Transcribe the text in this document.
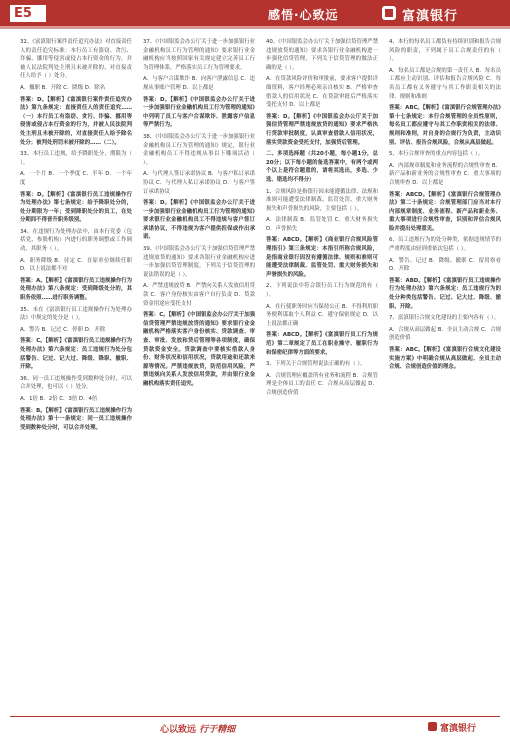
E5	感悟·心致远	富滇银行

32、《富滇银行案件责任追究办法》对直接责任人的责任追究标准：本行员工有盗窃、贪污、诈骗、挪用等侵害或侵占本行资金的行为，并被人民法院判处主刑且未被开除的，对直接责任人给予（ ）处分。

A．撤职 B．开除 C．降级 D．除名

答案：D。【解析】《富滇银行案件责任追究办法》第九条规定：直接责任人的责任追究……（一）本行员工有盗窃、贪污、诈骗、挪用等侵害或侵占本行资金的行为，并被人民法院判处主刑且未被开除的，对直接责任人给予除名处分；被判处刑罚未被开除的……（二）。

33、本行员工违规，给予降职处分，期限为（ ）。

A．一个月 B．一个季度 C．半年 D．一个年度

答案：D。【解析】《富滇银行员工违规操作行为处理办法》第七条规定：给予降职处分的，处分期限为一年；受到降职处分的员工，在处分期间不得晋升职务级别。

34、在违规行为处理办法中，由本行党委（包括党、参股机构）内进行的职务调整或工作调动，其职务（ ）。

A．职务降级 B．待定 C．在原单位继续任职 D．以上说法都不对

答案：A。【解析】《富滇银行员工违规操作行为处理办法》第八条规定：受到降级处分的，其职务依照……进行职务调整。

35、未在《富滇银行员工违规操作行为处理办法》中规定的处分是（ ）。

A．警告 B．记过 C．停职 D．开除

答案：C。【解析】《富滇银行员工违规操作行为处理办法》第六条规定：员工违规行为处分包括警告、记过、记大过、降级、降职、撤职、开除。

36、同一员工违规操作受到数种处分时，可以合并处理，也可以（ ）处分。

A．1倍 B．2倍 C．3倍 D．4倍

答案：B。【解析】《富滇银行员工违规操作行为处理办法》第十一条规定：同一员工违规操作受到数种处分时，可以合并处理。

37、《中国银监会办公厅关于进一步加强银行业金融机构员工行为管理的通知》要求银行业金融机构应当按照国家有关规定建立完善员工行为管理体系，严格落实员工行为管理要求。

A．与客户合谋欺诈 B．向客户泄露信息 C．违规从事账户管理 D．以上都是

答案：D。【解析】《中国银监会办公厅关于进一步加强银行业金融机构员工行为管理的通知》中列明了员工与客户合谋欺诈、泄露客户信息等严禁行为。

38、《中国银监会办公厅关于进一步加强银行业金融机构员工行为管理的通知》规定，银行业金融机构员工不得违规从事以下哪项活动（ ）。

A．与代理人签订承诺协议 B．与客户私订承诺协议 C．与代理人私订承诺协议 D．与客户签订承诺协议

答案：D。【解析】《中国银监会办公厅关于进一步加强银行业金融机构员工行为管理的通知》要求银行业金融机构员工不得违规与客户签订承诺协议，不得违规为客户提供担保或作出承诺。

39、《中国银监会办公厅关于加强信贷管理严禁违规放贷的通知》要求各银行业金融机构应进一步加强信贷管理制度，下列关于信贷管理的说法错误的是（ ）。

A．严禁违规放贷 B．严禁向关系人发放信用贷款 C．客户身份核实由客户自行负责 D．贷款资金用途应受托支付

答案：C。【解析】《中国银监会办公厅关于加强信贷管理严禁违规放贷的通知》要求银行业金融机构严格落实客户身份核实、贷款调查、审查、审批、发放和贷后管理等各项制度，确保贷款资金安全。贷款调查中要核实借款人身份、财务状况和信用状况，贷款用途和还款来源等情况。严禁违规放贷，防范信用风险，严禁违规向关系人发放信用贷款，并由银行业金融机构落实责任追究。

40、《中国银监会办公厅关于加强信贷管理严禁违规放贷的通知》要求各银行业金融机构进一步强化信贷管理，下列关于信贷管理的做法正确的是（ ）。

A．在贷款风险评价和审批前，要求客户提供详细资料，客户经理必须亲自核实 B．严格审查借款人的信用状况 C．在贷款审批后严格落实受托支付 D．以上都是

答案：D。【解析】《中国银监会办公厅关于加强信贷管理严禁违规放贷的通知》要求严格执行贷款审批制度，认真审查借款人信用状况，落实贷款资金受托支付，加强贷后管理。

二、多项选择题（共20小题，每小题1分，总20分；以下每小题的备选答案中，有两个或两个以上是符合题意的，请将其选出，多选、少选、错选均不得分）

1、合规风险是指银行因未能遵循法律、法规和准则可能遭受法律制裁、监管处罚、重大财务损失和声誉损失的风险，主要包括（ ）。

A．法律制裁 B．监管处罚 C．重大财务损失 D．声誉损失

答案：ABCD。【解析】《商业银行合规风险管理指引》第三条规定：本指引所称合规风险，是指商业银行因没有遵循法律、规则和准则可能遭受法律制裁、监管处罚、重大财务损失和声誉损失的风险。

2、下列说法中符合银行员工行为规范的有（ ）。

A．在行使职务时应当保持公正 B．不得利用职务便利谋取个人利益 C．遵守保密规定 D．以上说法都正确

答案：ABCD。【解析】《富滇银行员工行为规范》第二章规定了员工在职业操守、履职行为和保密纪律等方面的要求。

3、下列关于合规管理说法正确的有（ ）。

A．合规管理应覆盖所有业务和流程 B．合规管理是全体员工的责任 C．合规从高层做起 D．合规创造价值

4、本行的每名员工都负有持续识别和报告合规风险的职责，下列属于员工合规责任的有（ ）。

A．每名员工都是合规的第一责任人 B．每名员工都应主动识别、评估和报告合规风险 C．每名员工都有义务遵守与其工作职责相关的法律、规则和准则

答案：ABC。【解析】《富滇银行合规管理办法》第十七条规定：本行合规管理的全员性原则，每名员工都应遵守与其工作职责相关的法律、规则和准则，对自身的合规行为负责，主动识别、评估、报告合规风险，合规从高层做起。

5、本行合规审查的重点内容包括（ ）。

A．内部规章制度和业务流程的合规性审查 B．新产品和新业务的合规性审查 C．重大事项的合规审查 D．以上都是

答案：ABCD。【解析】《富滇银行合规管理办法》第二十条规定：合规管理部门应当对本行内部规章制度、业务流程、新产品和新业务、重大事项进行合规性审查，识别和评估合规风险并提出处理意见。

6、员工违规行为的处分种类，依据违规情节的严重程度由轻到重依次包括（ ）。

A．警告、记过 B．降级、撤职 C．留用察看 D．开除

答案：ABD。【解析】《富滇银行员工违规操作行为处理办法》第六条规定：员工违规行为的处分种类包括警告、记过、记大过、降级、撤职、开除。

7、富滇银行合规文化建设的主要内容有（ ）。

A．合规从高层做起 B．全员主动合规 C．合规创造价值

答案：ABC。【解析】《富滇银行合规文化建设实施方案》中明确合规从高层做起、全员主动合规、合规创造价值的理念。

心以致远 行于精细	富滇银行
